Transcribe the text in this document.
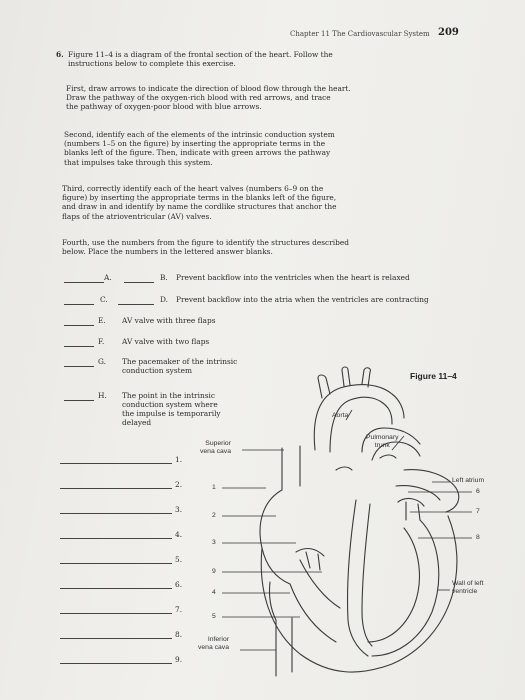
Chapter 11 The Cardiovascular System 209
6. Figure 11–4 is a diagram of the frontal section of the heart. Follow the
instructions below to complete this exercise.
First, draw arrows to indicate the direction of blood flow through the heart.
Draw the pathway of the oxygen-rich blood with red arrows, and trace
the pathway of oxygen-poor blood with blue arrows.
Second, identify each of the elements of the intrinsic conduction system
(numbers 1–5 on the figure) by inserting the appropriate terms in the
blanks left of the figure. Then, indicate with green arrows the pathway
that impulses take through this system.
Third, correctly identify each of the heart valves (numbers 6–9 on the
figure) by inserting the appropriate terms in the blanks left of the figure,
and draw in and identify by name the cordlike structures that anchor the
flaps of the atrioventricular (AV) valves.
Fourth, use the numbers from the figure to identify the structures described
below. Place the numbers in the lettered answer blanks.
A.	B. Prevent backflow into the ventricles when the heart is relaxed
C.	D. Prevent backflow into the atria when the ventricles are contracting
E. AV valve with three flaps
F. AV valve with two flaps
G. The pacemaker of the intrinsic
conduction system
H. The point in the intrinsic
conduction system where
the impulse is temporarily
delayed
1.
2.
3.
4.
5.
6.
7.
8.
9.
Figure 11–4
Aorta
Pulmonary
trunk
Superior
vena cava
Left atrium
Wall of left
ventricle
Inferior
vena cava
1
2
3
4
5
6
7
8
9
